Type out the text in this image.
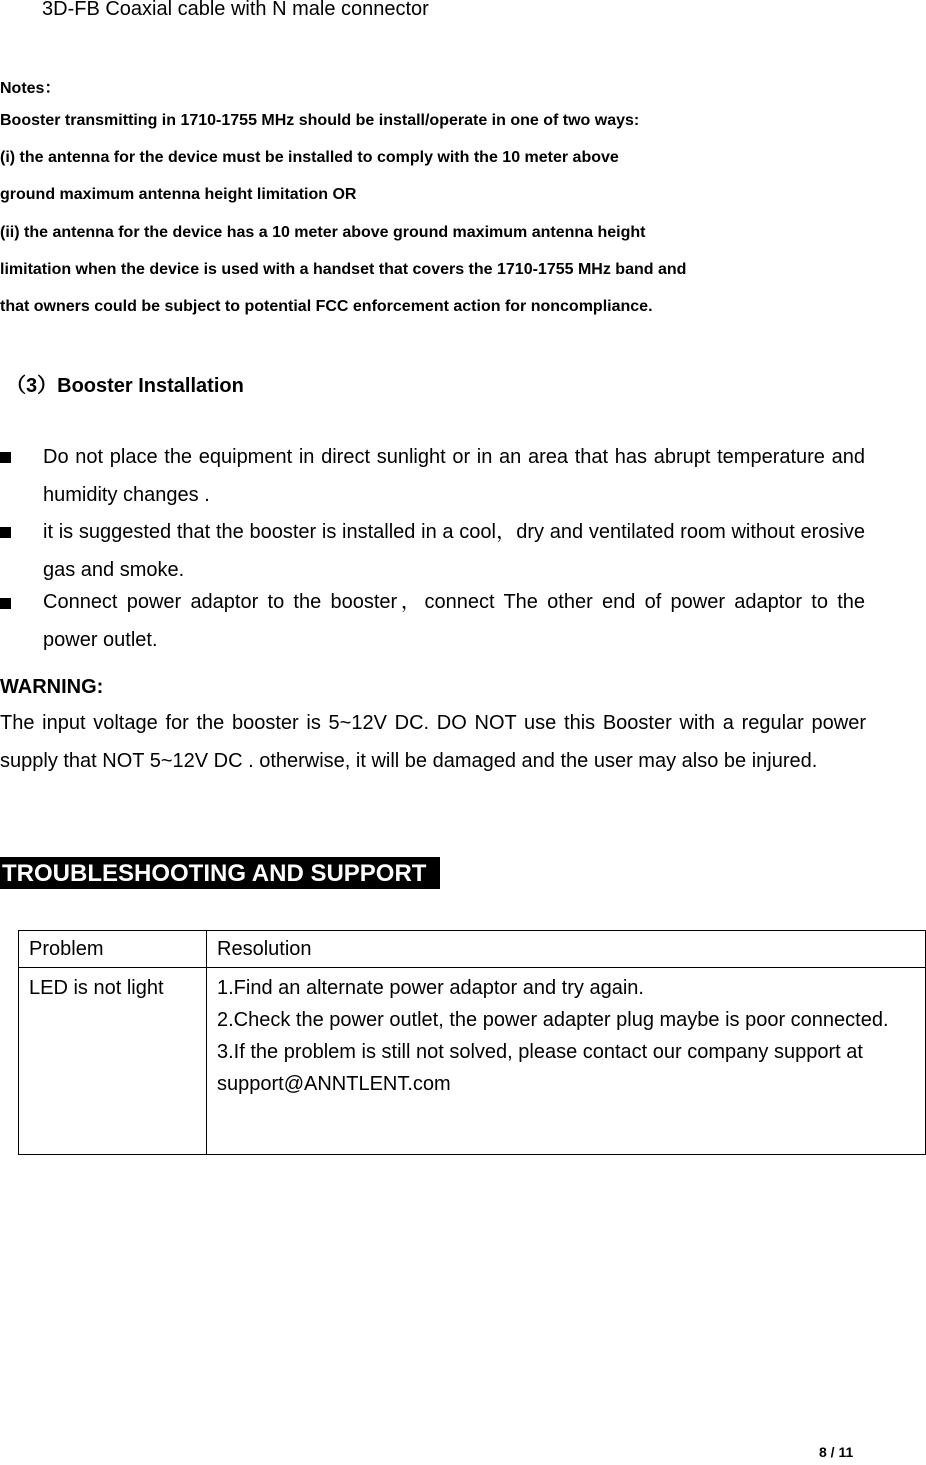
3D-FB Coaxial cable with N male connector
Notes：
Booster transmitting in 1710-1755 MHz should be install/operate in one of two ways:
(i) the antenna for the device must be installed to comply with the 10 meter above
ground maximum antenna height limitation OR
(ii) the antenna for the device has a 10 meter above ground maximum antenna height
limitation when the device is used with a handset that covers the 1710-1755 MHz band and
that owners could be subject to potential FCC enforcement action for noncompliance.
（3）Booster Installation
Do not place the equipment in direct sunlight or in an area that has abrupt temperature and humidity changes .
it is suggested that the booster is installed in a cool，dry and ventilated room without erosive gas and smoke.
Connect power adaptor to the booster，connect The other end of power adaptor to the power outlet.
WARNING:
The input voltage for the booster is 5~12V DC. DO NOT use this Booster with a regular power supply that NOT 5~12V DC . otherwise, it will be damaged and the user may also be injured.
TROUBLESHOOTING AND SUPPORT
Problem	Resolution
LED is not light	1.Find an alternate power adaptor and try again.
2.Check the power outlet, the power adapter plug maybe is poor connected.
3.If the problem is still not solved, please contact our company support at support@ANNTLENT.com
8 / 11
